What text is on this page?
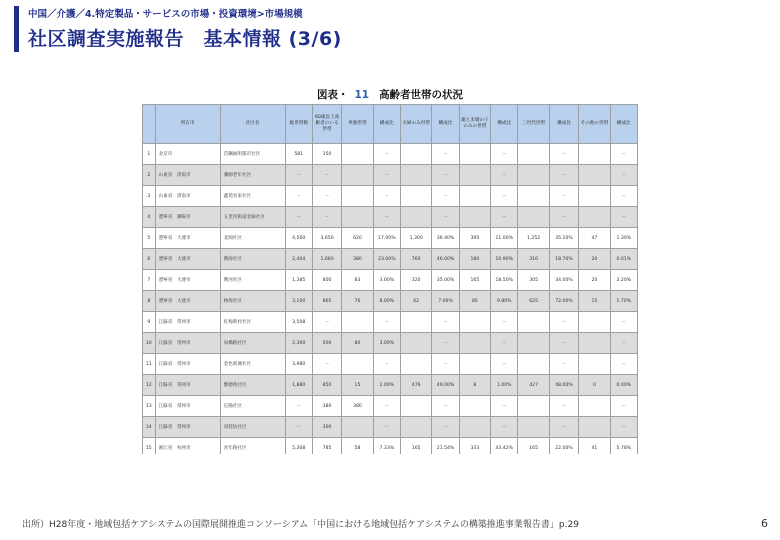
中国／介護／4.特定製品・サービスの市場・投資環境>市場規模
社区調査実施報告　基本情報 (3/6)
図表・ 11 高齢者世帯の状況
	所在市	社区名	総世帯数	60歳以上高齢者のいる世帯	単独世帯	構成比	夫婦のみ世帯	構成比	親と未婚の子のみの世帯	構成比	三世代世帯	構成比	その他の世帯	構成比
1	北京市	首鋼福明都市社区	581	150		－		－		－		－		－
2	山東省　済南市	濼源老年社区	－	－		－		－		－		－		－
3	山東省　済南市	鑫苑名家社区	－	－		－		－		－		－		－
4	遼寧省　瀋陽市	五里河街道金廊社区	－	－		－		－		－		－		－
5	遼寧省　大連市	北岡社区	4,560	3,650	620	17.00%	1,300	36.40%	395	11.00%	1,252	35.10%	47	1.30%
6	遼寧省　大連市	興海社区	2,404	1,660	380	23.00%	760	46.00%	180	10.90%	310	18.70%	20	0.01%
7	遼寧省　大連市	興河社区	1,385	800	83	3.00%	320	35.00%	165	18.50%	305	34.00%	20	2.20%
8	遼寧省　大連市	林海社区	3,100	865	76	8.00%	62	7.00%	85	9.80%	625	72.00%	15	1.70%
9	江蘇省　常州市	紅梅新村社区	3,508	－		－		－		－		－		－
10	江蘇省　常州市	局橋路社区	2,300	500	80	3.00%		－		－		－		－
11	江蘇省　常州市	金色新城社区	3,980	－		－		－		－		－		－
12	江蘇省　常州市	懐德苑社区	1,880	850	15	2.00%	476	49.00%	8	1.00%	427	48.00%	0	0.00%
13	江蘇省　常州市	定陽社区	－	380	380	－		－		－		－		－
14	江蘇省　常州市	双桂坊社区	－	300		－		－		－		－		－
15	浙江省　杭州市	青年路社区	5,308	785	58	7.33%	165	21.54%	333	43.42%	165	22.00%	41	5.78%
出所）H28年度・地域包括ケアシステムの国際展開推進コンソーシアム「中国における地域包括ケアシステムの構築推進事業報告書」p.29	6
